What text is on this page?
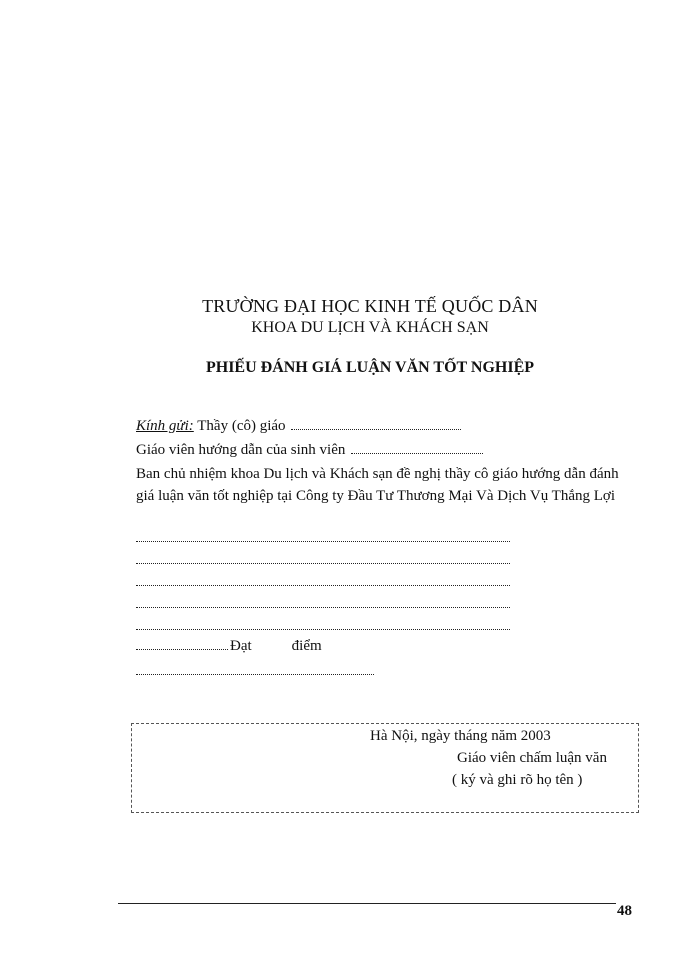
TRƯỜNG ĐẠI HỌC KINH TẾ QUỐC DÂN
KHOA DU LỊCH VÀ KHÁCH SẠN
PHIẾU ĐÁNH GIÁ LUẬN VĂN TỐT NGHIỆP
Kính gửi: Thầy (cô) giáo
Giáo viên hướng dẫn của sinh viên
Ban chủ nhiệm khoa Du lịch và Khách sạn đề nghị thầy cô giáo hướng dẫn đánh giá luận văn tốt nghiệp tại Công ty Đầu Tư Thương Mại Và Dịch Vụ Thắng Lợi
Đạt	điểm
Hà Nội, ngày tháng năm 2003
Giáo viên chấm luận văn
( ký và ghi rõ họ tên )
48
